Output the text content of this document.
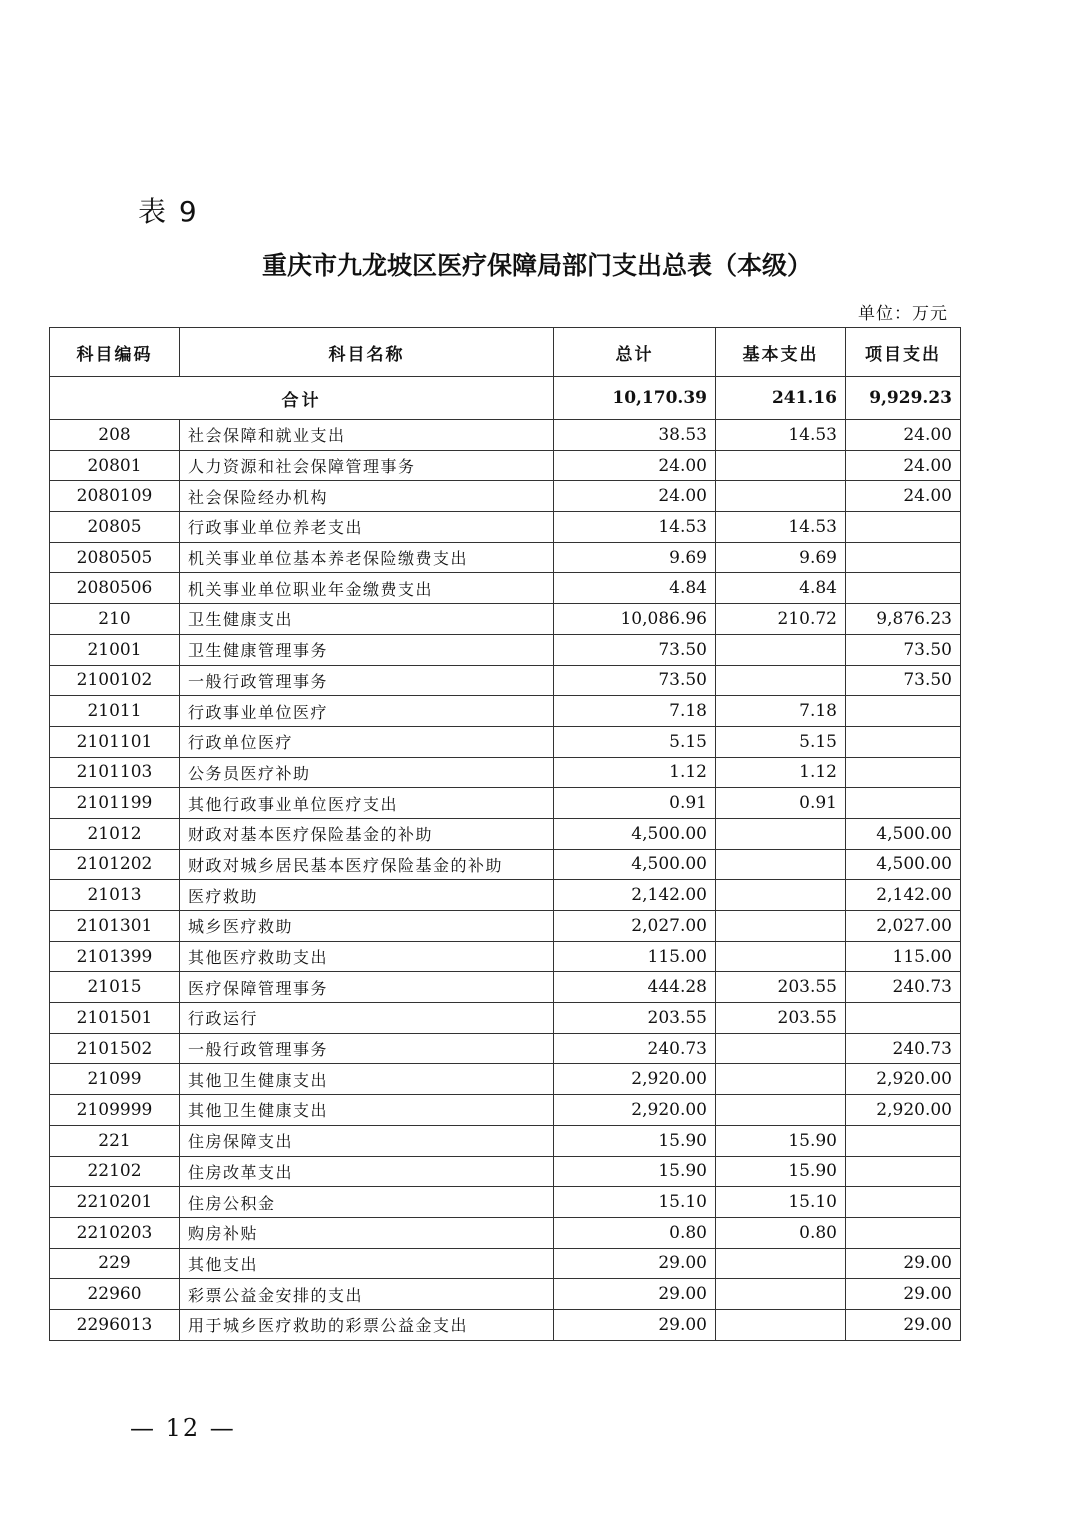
表 9
重庆市九龙坡区医疗保障局部门支出总表（本级）
单位：万元
科目编码	科目名称	总计	基本支出	项目支出
合计		10,170.39	241.16	9,929.23
208	社会保障和就业支出	38.53	14.53	24.00
20801	人力资源和社会保障管理事务	24.00		24.00
2080109	社会保险经办机构	24.00		24.00
20805	行政事业单位养老支出	14.53	14.53	
2080505	机关事业单位基本养老保险缴费支出	9.69	9.69	
2080506	机关事业单位职业年金缴费支出	4.84	4.84	
210	卫生健康支出	10,086.96	210.72	9,876.23
21001	卫生健康管理事务	73.50		73.50
2100102	一般行政管理事务	73.50		73.50
21011	行政事业单位医疗	7.18	7.18	
2101101	行政单位医疗	5.15	5.15	
2101103	公务员医疗补助	1.12	1.12	
2101199	其他行政事业单位医疗支出	0.91	0.91	
21012	财政对基本医疗保险基金的补助	4,500.00		4,500.00
2101202	财政对城乡居民基本医疗保险基金的补助	4,500.00		4,500.00
21013	医疗救助	2,142.00		2,142.00
2101301	城乡医疗救助	2,027.00		2,027.00
2101399	其他医疗救助支出	115.00		115.00
21015	医疗保障管理事务	444.28	203.55	240.73
2101501	行政运行	203.55	203.55	
2101502	一般行政管理事务	240.73		240.73
21099	其他卫生健康支出	2,920.00		2,920.00
2109999	其他卫生健康支出	2,920.00		2,920.00
221	住房保障支出	15.90	15.90	
22102	住房改革支出	15.90	15.90	
2210201	住房公积金	15.10	15.10	
2210203	购房补贴	0.80	0.80	
229	其他支出	29.00		29.00
22960	彩票公益金安排的支出	29.00		29.00
2296013	用于城乡医疗救助的彩票公益金支出	29.00		29.00
— 12 —
